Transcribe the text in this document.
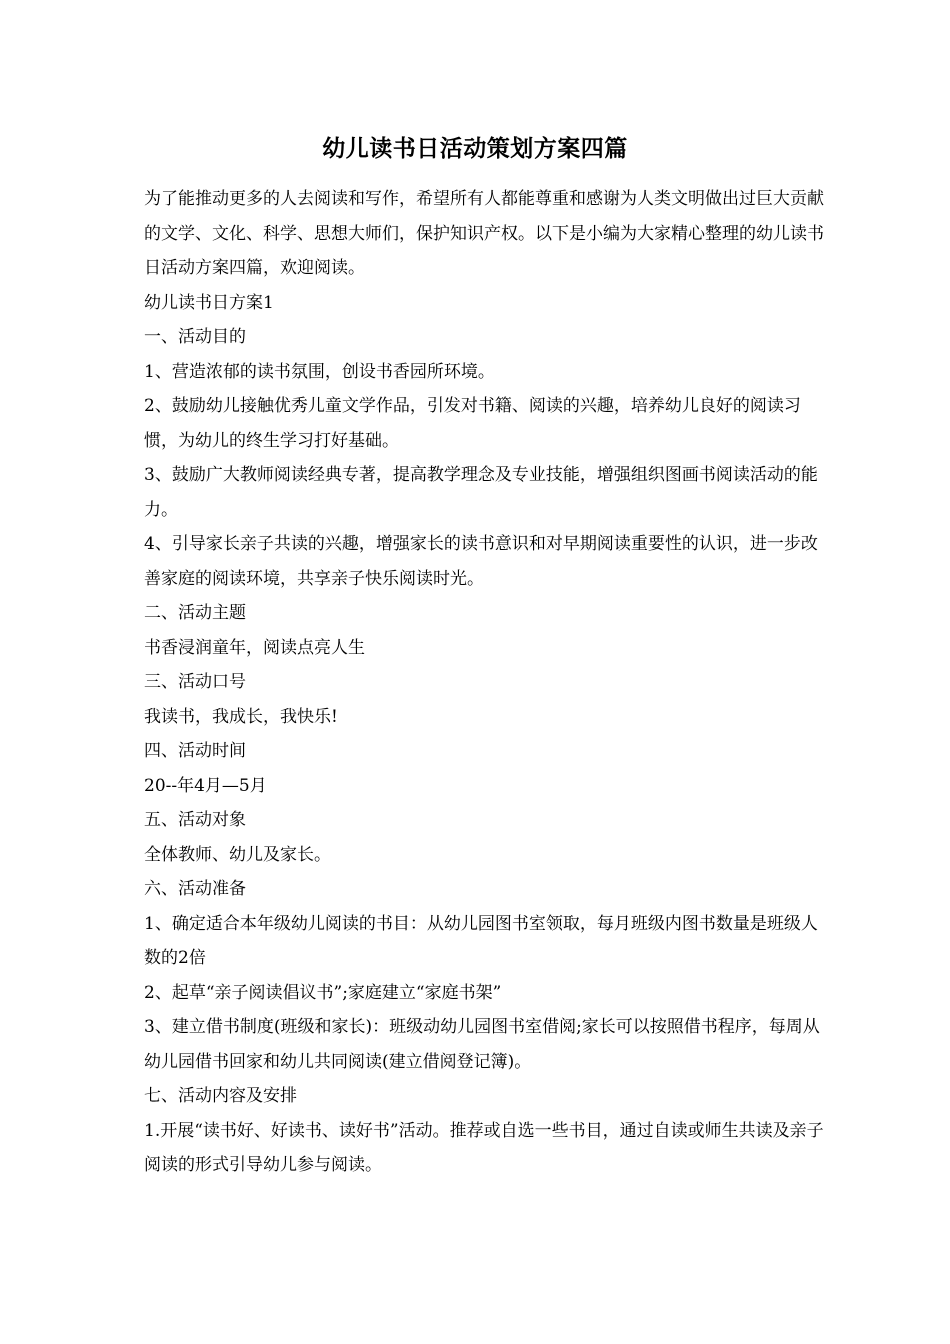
幼儿读书日活动策划方案四篇

为了能推动更多的人去阅读和写作，希望所有人都能尊重和感谢为人类文明做出过巨大贡献的文学、文化、科学、思想大师们，保护知识产权。以下是小编为大家精心整理的幼儿读书日活动方案四篇，欢迎阅读。

幼儿读书日方案1

一、活动目的

1、营造浓郁的读书氛围，创设书香园所环境。

2、鼓励幼儿接触优秀儿童文学作品，引发对书籍、阅读的兴趣，培养幼儿良好的阅读习惯，为幼儿的终生学习打好基础。

3、鼓励广大教师阅读经典专著，提高教学理念及专业技能，增强组织图画书阅读活动的能力。

4、引导家长亲子共读的兴趣，增强家长的读书意识和对早期阅读重要性的认识，进一步改善家庭的阅读环境，共享亲子快乐阅读时光。

二、活动主题

书香浸润童年，阅读点亮人生

三、活动口号

我读书，我成长，我快乐!

四、活动时间

20--年4月—5月

五、活动对象

全体教师、幼儿及家长。

六、活动准备

1、确定适合本年级幼儿阅读的书目：从幼儿园图书室领取，每月班级内图书数量是班级人数的2倍

2、起草“亲子阅读倡议书”;家庭建立“家庭书架”

3、建立借书制度(班级和家长)：班级动幼儿园图书室借阅;家长可以按照借书程序，每周从幼儿园借书回家和幼儿共同阅读(建立借阅登记簿)。

七、活动内容及安排

1.开展“读书好、好读书、读好书”活动。推荐或自选一些书目，通过自读或师生共读及亲子阅读的形式引导幼儿参与阅读。
